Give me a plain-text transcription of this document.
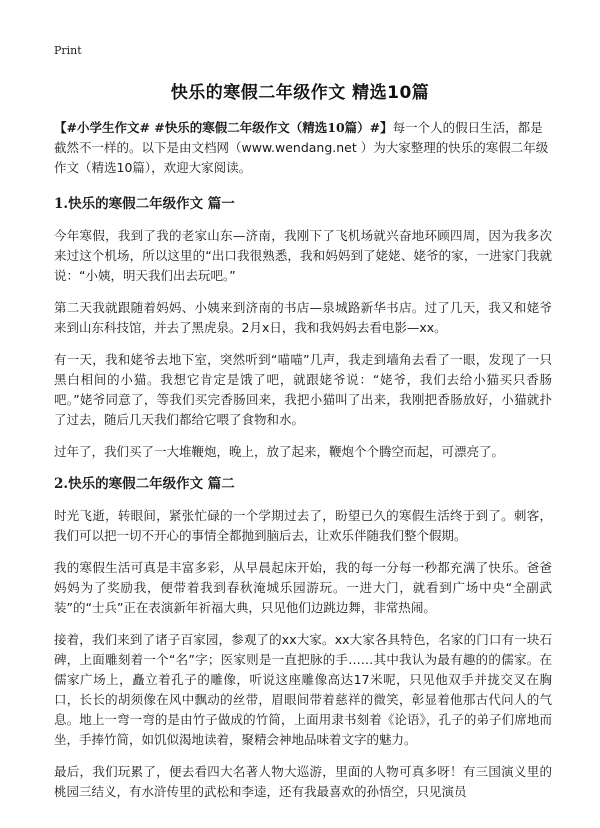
Print
快乐的寒假二年级作文 精选10篇

【#小学生作文# #快乐的寒假二年级作文（精选10篇）#】每一个人的假日生活，都是截然不一样的。以下是由文档网（www.wendang.net ）为大家整理的快乐的寒假二年级作文（精选10篇），欢迎大家阅读。

1.快乐的寒假二年级作文 篇一

今年寒假，我到了我的老家山东—济南，我刚下了飞机场就兴奋地环顾四周，因为我多次来过这个机场，所以这里的“出口我很熟悉，我和妈妈到了姥姥、姥爷的家，一进家门我就说：“小姨，明天我们出去玩吧。”

第二天我就跟随着妈妈、小姨来到济南的书店—泉城路新华书店。过了几天，我又和姥爷来到山东科技馆，并去了黑虎泉。2月x日，我和我妈妈去看电影—xx。

有一天，我和姥爷去地下室，突然听到“喵喵”几声，我走到墙角去看了一眼，发现了一只黑白相间的小猫。我想它肯定是饿了吧，就跟姥爷说：“姥爷，我们去给小猫买只香肠吧。”姥爷同意了，等我们买完香肠回来，我把小猫叫了出来，我刚把香肠放好，小猫就扑了过去，随后几天我们都给它喂了食物和水。

过年了，我们买了一大堆鞭炮，晚上，放了起来，鞭炮个个腾空而起，可漂亮了。

2.快乐的寒假二年级作文 篇二

时光飞逝，转眼间，紧张忙碌的一个学期过去了，盼望已久的寒假生活终于到了。刺客，我们可以把一切不开心的事情全都抛到脑后去，让欢乐伴随我们整个假期。

我的寒假生活可真是丰富多彩，从早晨起床开始，我的每一分每一秒都充满了快乐。爸爸妈妈为了奖励我，便带着我到春秋淹城乐园游玩。一进大门，就看到广场中央“全副武装”的“士兵”正在表演新年祈福大典，只见他们边跳边舞，非常热闹。

接着，我们来到了诸子百家园，参观了的xx大家。xx大家各具特色，名家的门口有一块石碑，上面雕刻着一个“名”字；医家则是一直把脉的手……其中我认为最有趣的的儒家。在儒家广场上，矗立着孔子的雕像，听说这座雕像高达17米呢，只见他双手并拢交叉在胸口，长长的胡须像在风中飘动的丝带，眉眼间带着慈祥的微笑，彰显着他那古代问人的气息。地上一弯一弯的是由竹子做成的竹简，上面用隶书刻着《论语》，孔子的弟子们席地而坐，手捧竹简，如饥似渴地读着，聚精会神地品味着文字的魅力。

最后，我们玩累了，便去看四大名著人物大巡游，里面的人物可真多呀！有三国演义里的桃园三结义，有水浒传里的武松和李逵，还有我最喜欢的孙悟空，只见演员
